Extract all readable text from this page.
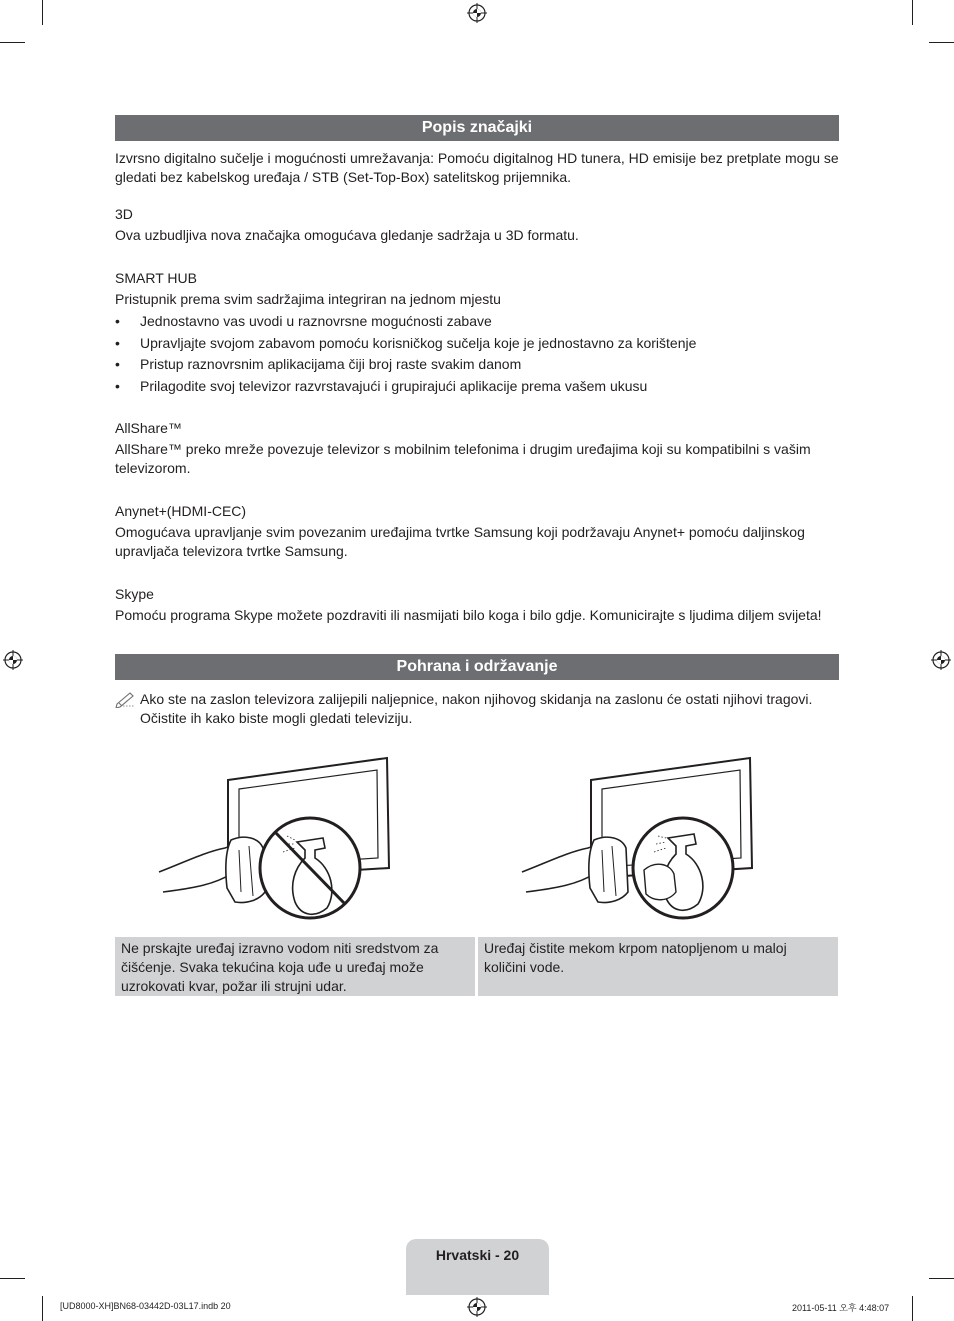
Popis značajki

Izvrsno digitalno sučelje i mogućnosti umrežavanja: Pomoću digitalnog HD tunera, HD emisije bez pretplate mogu se gledati bez kabelskog uređaja / STB (Set-Top-Box) satelitskog prijemnika.

3D

Ova uzbudljiva nova značajka omogućava gledanje sadržaja u 3D formatu.

SMART HUB

Pristupnik prema svim sadržajima integriran na jednom mjestu

• Jednostavno vas uvodi u raznovrsne mogućnosti zabave
• Upravljajte svojom zabavom pomoću korisničkog sučelja koje je jednostavno za korištenje
• Pristup raznovrsnim aplikacijama čiji broj raste svakim danom
• Prilagodite svoj televizor razvrstavajući i grupirajući aplikacije prema vašem ukusu

AllShare™

AllShare™ preko mreže povezuje televizor s mobilnim telefonima i drugim uređajima koji su kompatibilni s vašim televizorom.

Anynet+(HDMI-CEC)

Omogućava upravljanje svim povezanim uređajima tvrtke Samsung koji podržavaju Anynet+ pomoću daljinskog upravljača televizora tvrtke Samsung.

Skype

Pomoću programa Skype možete pozdraviti ili nasmijati bilo koga i bilo gdje. Komunicirajte s ljudima diljem svijeta!

Pohrana i održavanje

Ako ste na zaslon televizora zalijepili naljepnice, nakon njihovog skidanja na zaslonu će ostati njihovi tragovi. Očistite ih kako biste mogli gledati televiziju.

Ne prskajte uređaj izravno vodom niti sredstvom za čišćenje. Svaka tekućina koja uđe u uređaj može uzrokovati kvar, požar ili strujni udar.
Uređaj čistite mekom krpom natopljenom u maloj količini vode.
Hrvatski - 20
[UD8000-XH]BN68-03442D-03L17.indb 20	2011-05-11 오후 4:48:07
